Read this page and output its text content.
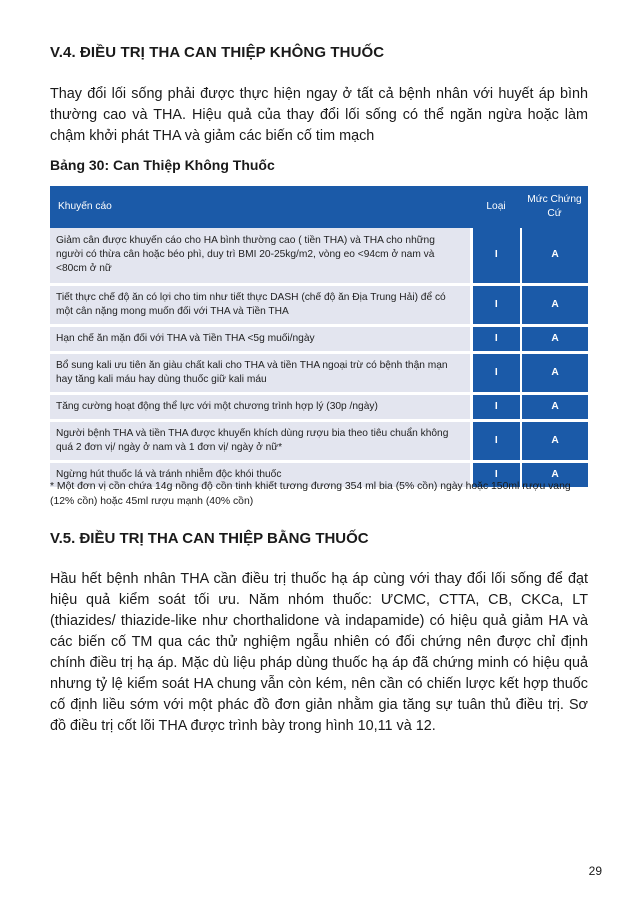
V.4. ĐIỀU TRỊ THA CAN THIỆP KHÔNG THUỐC
Thay đổi lối sống phải được thực hiện ngay ở tất cả bệnh nhân với huyết áp bình thường cao và THA. Hiệu quả của thay đổi lối sống có thể ngăn ngừa hoặc làm chậm khởi phát THA và giảm các biến cố tim mạch
Bảng 30: Can Thiệp Không Thuốc
Khuyến cáo	Loại	Mức Chứng Cứ
Giảm cân được khuyến cáo cho HA bình thường cao ( tiền THA) và THA cho những người có thừa cân hoặc béo phì, duy trì BMI 20-25kg/m2, vòng eo <94cm ở nam và <80cm ở nữ	I	A
Tiết thực chế độ ăn có lợi cho tim như tiết thực DASH (chế độ ăn Địa Trung Hải) để có một cân nặng mong muốn đối với THA và Tiền THA	I	A
Hạn chế ăn mặn đối với THA và Tiền THA <5g muối/ngày	I	A
Bổ sung kali ưu tiên ăn giàu chất kali cho THA và tiền THA ngoại trừ có bệnh thận mạn hay tăng kali máu hay dùng thuốc giữ kali máu	I	A
Tăng cường hoạt động thể lực với một chương trình hợp lý (30p /ngày)	I	A
Người bệnh THA và tiền THA được khuyến khích dùng rượu bia theo tiêu chuẩn không quá 2 đơn vị/ ngày ở nam và 1 đơn vị/ ngày ở nữ*	I	A
Ngừng hút thuốc lá và tránh nhiễm độc khói thuốc	I	A
* Một đơn vị cồn chứa 14g nồng độ cồn tinh khiết tương đương 354 ml bia (5% cồn) ngày hoặc 150ml rượu vang (12% cồn) hoặc 45ml rượu mạnh (40% cồn)
V.5. ĐIỀU TRỊ THA CAN THIỆP BẰNG THUỐC
Hầu hết bệnh nhân THA cần điều trị thuốc hạ áp cùng với thay đổi lối sống để đạt hiệu quả kiểm soát tối ưu. Năm nhóm thuốc: ƯCMC, CTTA, CB, CKCa, LT (thiazides/ thiazide-like như chorthalidone và indapamide) có hiệu quả giảm HA và các biến cố TM qua các thử nghiệm ngẫu nhiên có đối chứng nên được chỉ định chính điều trị hạ áp. Mặc dù liệu pháp dùng thuốc hạ áp đã chứng minh có hiệu quả nhưng tỷ lệ kiểm soát HA chung vẫn còn kém, nên cần có chiến lược kết hợp thuốc cố định liều sớm với một phác đồ đơn giản nhằm gia tăng sự tuân thủ điều trị. Sơ đồ điều trị cốt lõi THA được trình bày trong hình 10,11 và 12.
29
